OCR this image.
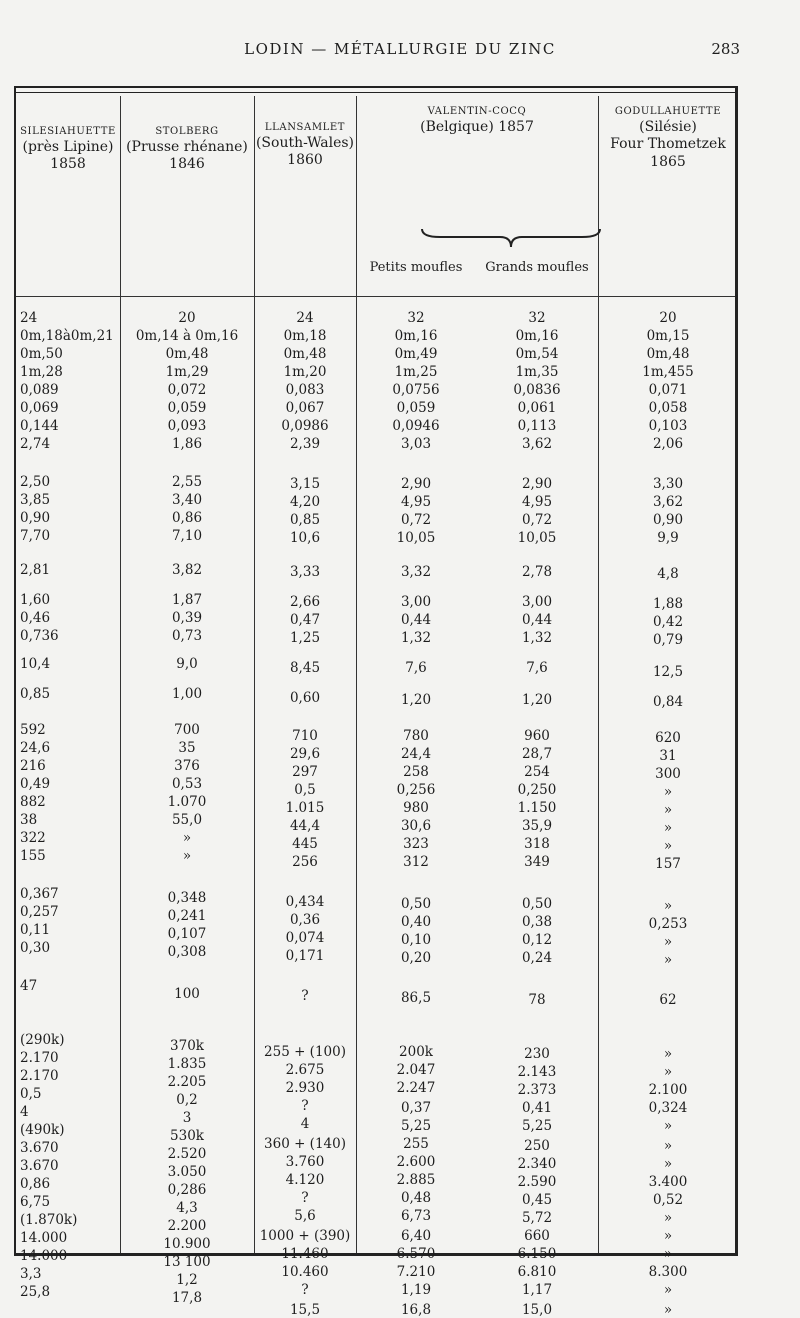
LODIN — MÉTALLURGIE DU ZINC	283
SILESIAHUETTE
(près Lipine)
1858
STOLBERG
(Prusse rhénane)
1846
LLANSAMLET
(South-Wales)
1860
VALENTIN-COCQ
(Belgique) 1857
Petits moufles	Grands moufles
GODULLAHUETTE
(Silésie)
Four Thometzek
1865
24
0m,18à0m,21
0m,50
1m,28
0,089
0,069
0,144
2,74
2,50
3,85
0,90
7,70
2,81
1,60
0,46
0,736
10,4
0,85
592
24,6
216
0,49
882
38
322
155
0,367
0,257
0,11
0,30
47
(290k)
2.170
2.170
0,5
4
(490k)
3.670
3.670
0,86
6,75
(1.870k)
14.000
14.000
3,3
25,8
20
0m,14 à 0m,16
0m,48
1m,29
0,072
0,059
0,093
1,86
2,55
3,40
0,86
7,10
3,82
1,87
0,39
0,73
9,0
1,00
700
35
376
0,53
1.070
55,0
»
»
0,348
0,241
0,107
0,308
100
370k
1.835
2.205
0,2
3
530k
2.520
3.050
0,286
4,3
2.200
10.900
13 100
1,2
17,8
24
0m,18
0m,48
1m,20
0,083
0,067
0,0986
2,39
3,15
4,20
0,85
10,6
3,33
2,66
0,47
1,25
8,45
0,60
710
29,6
297
0,5
1.015
44,4
445
256
0,434
0,36
0,074
0,171
?
255 + (100)
2.675
2.930
?
4
360 + (140)
3.760
4.120
?
5,6
1000 + (390)
11.460
10.460
?
15,5
32
0m,16
0m,49
1m,25
0,0756
0,059
0,0946
3,03
2,90
4,95
0,72
10,05
3,32
3,00
0,44
1,32
7,6
1,20
780
24,4
258
0,256
980
30,6
323
312
0,50
0,40
0,10
0,20
86,5
200k
2.047
2.247
0,37
5,25
255
2.600
2.885
0,48
6,73
6,40
6.570
7.210
1,19
16,8
32
0m,16
0m,54
1m,35
0,0836
0,061
0,113
3,62
2,90
4,95
0,72
10,05
2,78
3,00
0,44
1,32
7,6
1,20
960
28,7
254
0,250
1.150
35,9
318
349
0,50
0,38
0,12
0,24
78
230
2.143
2.373
0,41
5,25
250
2.340
2.590
0,45
5,72
660
6.150
6.810
1,17
15,0
20
0m,15
0m,48
1m,455
0,071
0,058
0,103
2,06
3,30
3,62
0,90
9,9
4,8
1,88
0,42
0,79
12,5
0,84
620
31
300
»
»
»
»
157
»
0,253
»
»
62
»
»
2.100
0,324
»
»
»
3.400
0,52
»
»
»
8.300
»
»
